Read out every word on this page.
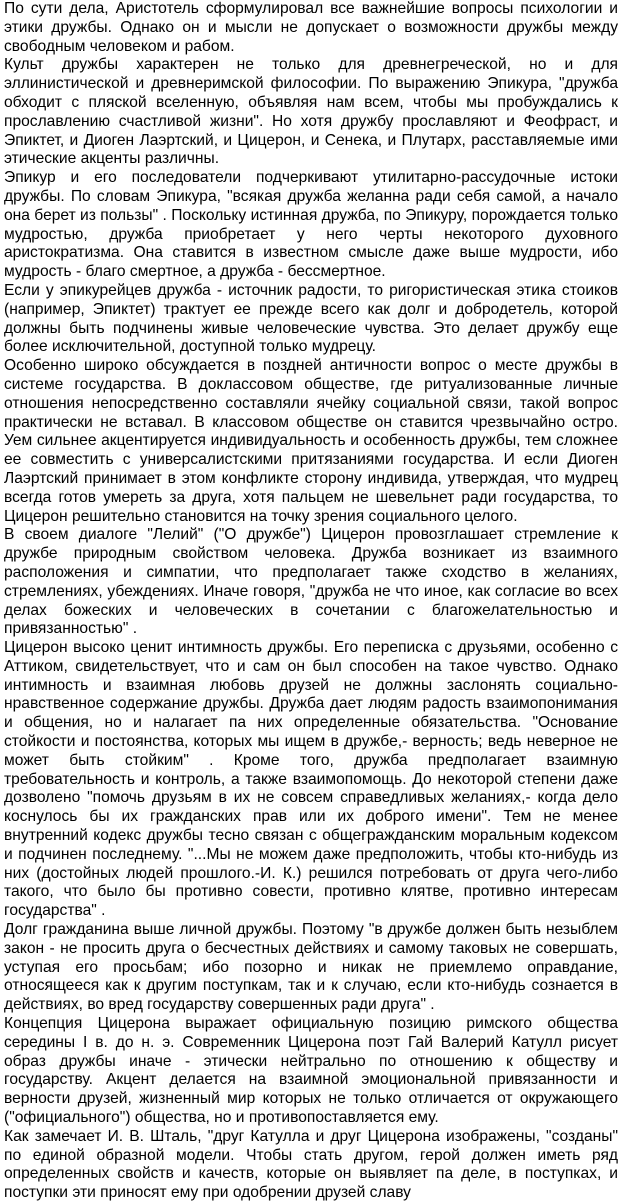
По сути дела, Аристотель сформулировал все важнейшие вопросы психологии и этики дружбы. Однако он и мысли не допускает о возможности дружбы между свободным человеком и рабом.

Культ дружбы характерен не только для древнегреческой, но и для эллинистической и древнеримской философии. По выражению Эпикура, "дружба обходит с пляской вселенную, объявляя нам всем, чтобы мы пробуждались к прославлению счастливой жизни". Но хотя дружбу прославляют и Феофраст, и Эпиктет, и Диоген Лаэртский, и Цицерон, и Сенека, и Плутарх, расставляемые ими этические акценты различны.

Эпикур и его последователи подчеркивают утилитарно-рассудочные истоки дружбы. По словам Эпикура, "всякая дружба желанна ради себя самой, а начало она берет из пользы" . Поскольку истинная дружба, по Эпикуру, порождается только мудростью, дружба приобретает у него черты некоторого духовного аристократизма. Она ставится в известном смысле даже выше мудрости, ибо мудрость - благо смертное, а дружба - бессмертное.

Если у эпикурейцев дружба - источник радости, то ригористическая этика стоиков (например, Эпиктет) трактует ее прежде всего как долг и добродетель, которой должны быть подчинены живые человеческие чувства. Это делает дружбу еще более исключительной, доступной только мудрецу.

Особенно широко обсуждается в поздней античности вопрос о месте дружбы в системе государства. В доклассовом обществе, где ритуализованные личные отношения непосредственно составляли ячейку социальной связи, такой вопрос практически не вставал. В классовом обществе он ставится чрезвычайно остро. Уем сильнее акцентируется индивидуальность и особенность дружбы, тем сложнее ее совместить с универсалистскими притязаниями государства. И если Диоген Лаэртский принимает в этом конфликте сторону индивида, утверждая, что мудрец всегда готов умереть за друга, хотя пальцем не шевельнет ради государства, то Цицерон решительно становится на точку зрения социального целого.

В своем диалоге "Лелий" ("О дружбе") Цицерон провозглашает стремление к дружбе природным свойством человека. Дружба возникает из взаимного расположения и симпатии, что предполагает также сходство в желаниях, стремлениях, убеждениях. Иначе говоря, "дружба не что иное, как согласие во всех делах божеских и человеческих в сочетании с благожелательностью и привязанностью" .

Цицерон высоко ценит интимность дружбы. Его переписка с друзьями, особенно с Аттиком, свидетельствует, что и сам он был способен на такое чувство. Однако интимность и взаимная любовь друзей не должны заслонять социально-нравственное содержание дружбы. Дружба дает людям радость взаимопонимания и общения, но и налагает па них определенные обязательства. "Основание стойкости и постоянства, которых мы ищем в дружбе,- верность; ведь неверное не может быть стойким" . Кроме того, дружба предполагает взаимную требовательность и контроль, а также взаимопомощь. До некоторой степени даже дозволено "помочь друзьям в их не совсем справедливых желаниях,- когда дело коснулось бы их гражданских прав или их доброго имени". Тем не менее внутренний кодекс дружбы тесно связан с общегражданским моральным кодексом и подчинен последнему. "...Мы не можем даже предположить, чтобы кто-нибудь из них (достойных людей прошлого.-И. К.) решился потребовать от друга чего-либо такого, что было бы противно совести, противно клятве, противно интересам государства" .

Долг гражданина выше личной дружбы. Поэтому "в дружбе должен быть незыблем закон - не просить друга о бесчестных действиях и самому таковых не совершать, уступая его просьбам; ибо позорно и никак не приемлемо оправдание, относящееся как к другим поступкам, так и к случаю, если кто-нибудь сознается в действиях, во вред государству совершенных ради друга" .

Концепция Цицерона выражает официальную позицию римского общества середины I в. до н. э. Современник Цицерона поэт Гай Валерий Катулл рисует образ дружбы иначе - этически нейтрально по отношению к обществу и государству. Акцент делается на взаимной эмоциональной привязанности и верности друзей, жизненный мир которых не только отличается от окружающего ("официального") общества, но и противопоставляется ему.

Как замечает И. В. Шталь, "друг Катулла и друг Цицерона изображены, "созданы" по единой образной модели. Чтобы стать другом, герой должен иметь ряд определенных свойств и качеств, которые он выявляет па деле, в поступках, и поступки эти приносят ему при одобрении друзей славу
